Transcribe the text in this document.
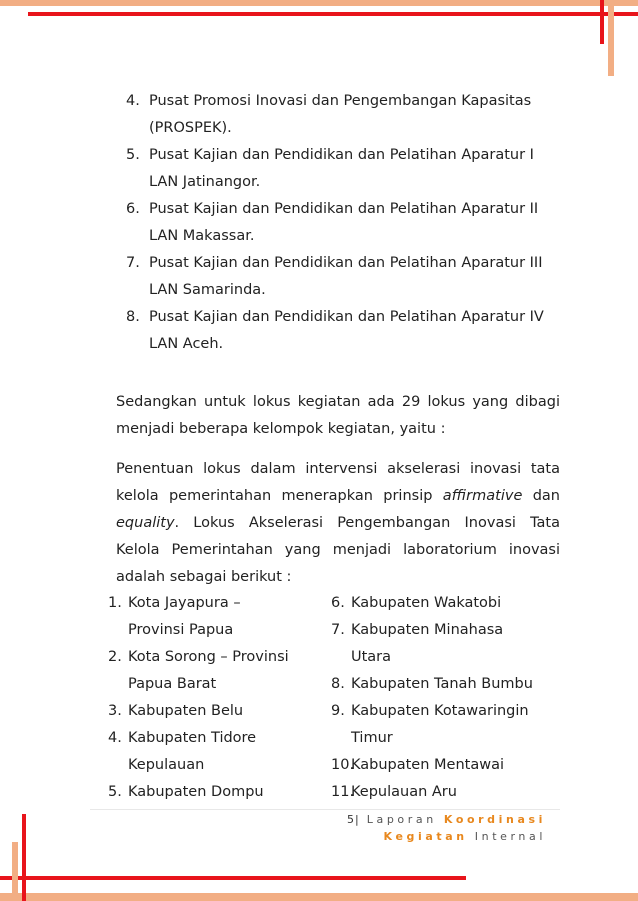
4. Pusat Promosi Inovasi dan Pengembangan Kapasitas
(PROSPEK).
5. Pusat Kajian dan Pendidikan dan Pelatihan Aparatur I
LAN Jatinangor.
6. Pusat Kajian dan Pendidikan dan Pelatihan Aparatur II
LAN Makassar.
7. Pusat Kajian dan Pendidikan dan Pelatihan Aparatur III
LAN Samarinda.
8. Pusat Kajian dan Pendidikan dan Pelatihan Aparatur IV
LAN Aceh.
Sedangkan untuk lokus kegiatan ada 29 lokus yang dibagi menjadi beberapa kelompok kegiatan, yaitu :
Penentuan lokus dalam intervensi akselerasi inovasi tata kelola pemerintahan menerapkan prinsip affirmative dan equality. Lokus Akselerasi Pengembangan Inovasi Tata Kelola Pemerintahan yang menjadi laboratorium inovasi adalah sebagai berikut :
1. Kota Jayapura –
Provinsi Papua
2. Kota Sorong – Provinsi
Papua Barat
3. Kabupaten Belu
4. Kabupaten Tidore
Kepulauan
5. Kabupaten Dompu
6. Kabupaten Wakatobi
7. Kabupaten Minahasa
Utara
8. Kabupaten Tanah Bumbu
9. Kabupaten Kotawaringin
Timur
10.
Kabupaten Mentawai
11.
Kepulauan Aru
5| Laporan Koordinasi
Kegiatan Internal
